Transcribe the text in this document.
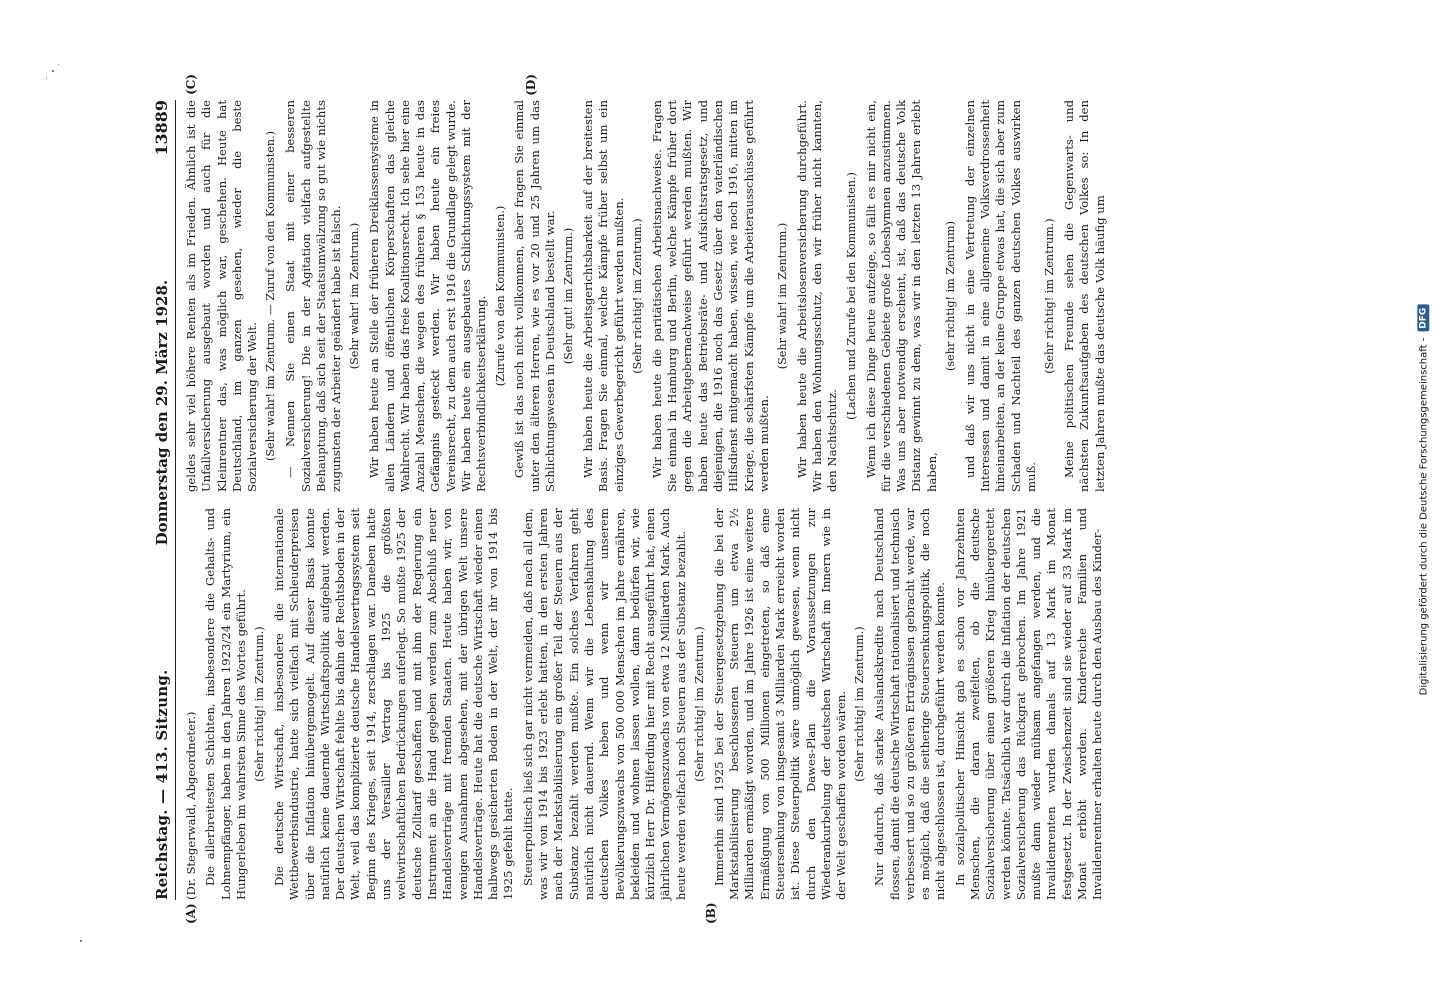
Reichstag. — 413. Sitzung.
Donnerstag den 29. März 1928.
13889
(A)	(B)

(Dr. Stegerwald, Abgeordneter.) Die allerbreitesten Schichten, insbesondere die Gehalts- und Lohnempfänger, haben in den Jahren 1923/24 ein Martyrium, ein Hungerleben im wahrsten Sinne des Wortes geführt. (Sehr richtig! im Zentrum.) Die deutsche Wirtschaft, insbesondere die internationale Wettbewerbsindustrie, hatte sich vielfach mit Schleuderpreisen über die Inflation hinübergemogelt. Auf dieser Basis konnte natürlich keine dauernde Wirtschaftspolitik aufgebaut werden. Der deutschen Wirtschaft fehlte bis dahin der Rechtsboden in der Welt, weil das komplizierte deutsche Handelsvertragssystem seit Beginn des Krieges, seit 1914, zerschlagen war. Daneben hatte uns der Versailler Vertrag bis 1925 die größten weltwirtschaftlichen Bedrückungen auferlegt. So mußte 1925 der deutsche Zolltarif geschaffen und mit ihm der Regierung ein Instrument an die Hand gegeben werden zum Abschluß neuer Handelsverträge mit fremden Staaten. Heute haben wir, von wenigen Ausnahmen abgesehen, mit der übrigen Welt unsere Handelsverträge. Heute hat die deutsche Wirtschaft wieder einen halbwegs gesicherten Boden in der Welt, der ihr von 1914 bis 1925 gefehlt hatte. Steuerpolitisch ließ sich gar nicht vermeiden, daß nach all dem, was wir von 1914 bis 1923 erlebt hatten, in den ersten Jahren nach der Markstabilisierung ein großer Teil der Steuern aus der Substanz bezahlt werden mußte. Ein solches Verfahren geht natürlich nicht dauernd. Wenn wir die Lebenshaltung des deutschen Volkes heben und wenn wir unserem Bevölkerungszuwachs von 500 000 Menschen im Jahre ernähren, bekleiden und wohnen lassen wollen, dann bedürfen wir, wie kürzlich Herr Dr. Hilferding hier mit Recht ausgeführt hat, einen jährlichen Vermögenszuwachs von etwa 12 Milliarden Mark. Auch heute werden vielfach noch Steuern aus der Substanz bezahlt. (Sehr richtig! im Zentrum.) Immerhin sind 1925 bei der Steuergesetzgebung die bei der Markstabilisierung beschlossenen Steuern um etwa 2½ Milliarden ermäßigt worden, und im Jahre 1926 ist eine weitere Ermäßigung von 500 Millionen eingetreten, so daß eine Steuersenkung von insgesamt 3 Milliarden Mark erreicht worden ist. Diese Steuerpolitik wäre unmöglich gewesen, wenn nicht durch den Dawes-Plan die Voraussetzungen zur Wiederankurbelung der deutschen Wirtschaft im Innern wie in der Welt geschaffen worden wären. (Sehr richtig! im Zentrum.) Nur dadurch, daß starke Auslandskredite nach Deutschland flossen, damit die deutsche Wirtschaft rationalisiert und technisch verbessert und so zu größeren Erträgnissen gebracht werde, war es möglich, daß die seitherige Steuersenkungspolitik, die noch nicht abgeschlossen ist, durchgeführt werden konnte. In sozialpolitischer Hinsicht gab es schon vor Jahrzehnten Menschen, die daran zweifelten, ob die deutsche Sozialversicherung über einen größeren Krieg hinübergerettet werden könnte. Tatsächlich war durch die Inflation der deutschen Sozialversicherung das Rückgrat gebrochen. Im Jahre 1921 mußte dann wieder mühsam angefangen werden, und die Invalidenrenten wurden damals auf 13 Mark im Monat festgesetzt. In der Zwischenzeit sind sie wieder auf 33 Mark im Monat erhöht worden. Kinderreiche Familien und Invalidenrentner erhalten heute durch den Ausbau des Kinder-

(C)	(D)

geldes sehr viel höhere Renten als im Frieden. Ähnlich ist die Unfallversicherung ausgebaut worden und auch für die Kleinrentner das, was möglich war, geschehen. Heute hat Deutschland, im ganzen gesehen, wieder die beste Sozialversicherung der Welt. (Sehr wahr! im Zentrum. — Zuruf von den Kommunisten.) — Nennen Sie einen Staat mit einer besseren Sozialversicherung! Die in der Agitation vielfach aufgestellte Behauptung, daß sich seit der Staatsumwälzung so gut wie nichts zugunsten der Arbeiter geändert habe ist falsch. (Sehr wahr! im Zentrum.) Wir haben heute an Stelle der früheren Dreiklassensysteme in allen Ländern und öffentlichen Körperschaften das gleiche Wahlrecht. Wir haben das freie Koalitionsrecht. Ich sehe hier eine Anzahl Menschen, die wegen des früheren § 153 heute in das Gefängnis gesteckt werden. Wir haben heute ein freies Vereinsrecht, zu dem auch erst 1916 die Grundlage gelegt wurde. Wir haben heute ein ausgebautes Schlichtungssystem mit der Rechtsverbindlichkeitserklärung. (Zurufe von den Kommunisten.) Gewiß ist das noch nicht vollkommen, aber fragen Sie einmal unter den älteren Herren, wie es vor 20 und 25 Jahren um das Schlichtungswesen in Deutschland bestellt war. (Sehr gut! im Zentrum.) Wir haben heute die Arbeitsgerichtsbarkeit auf der breitesten Basis. Fragen Sie einmal, welche Kämpfe früher selbst um ein einziges Gewerbegericht geführt werden mußten. (Sehr richtig! im Zentrum.) Wir haben heute die paritätischen Arbeitsnachweise. Fragen Sie einmal in Hamburg und Berlin, welche Kämpfe früher dort gegen die Arbeitgebernachweise geführt werden mußten. Wir haben heute das Betriebsräte- und Aufsichtsratsgesetz, und diejenigen, die 1916 noch das Gesetz über den vaterländischen Hilfsdienst mitgemacht haben, wissen, wie noch 1916, mitten im Kriege, die schärfsten Kämpfe um die Arbeiterausschüsse geführt werden mußten.

(Sehr wahr! im Zentrum.) Wir haben heute die Arbeitslosenversicherung durchgeführt. Wir haben den Wohnungsschutz, den wir früher nicht kannten, den Nachtschutz.

(Lachen und Zurufe bei den Kommunisten.) Wenn ich diese Dinge heute aufzeige, so fällt es mir nicht ein, für die verschiedenen Gebiete große Lobeshymnen anzustimmen. Was uns aber notwendig erscheint, ist, daß das deutsche Volk Distanz gewinnt zu dem, was wir in den letzten 13 Jahren erlebt haben,

(sehr richtig! im Zentrum) und daß wir uns nicht in eine Vertretung der einzelnen Interessen und damit in eine allgemeine Volksverdrossenheit hineinarbeiten, an der keine Gruppe etwas hat, die sich aber zum Schaden und Nachteil des ganzen deutschen Volkes auswirken muß.

(Sehr richtig! im Zentrum.) Meine politischen Freunde sehen die Gegenwarts- und nächsten Zukunftsaufgaben des deutschen Volkes so: In den letzten Jahren mußte das deutsche Volk häufig um	Digitalisierung gefördert durch die Deutsche Forschungsgemeinschaft -
DFG
